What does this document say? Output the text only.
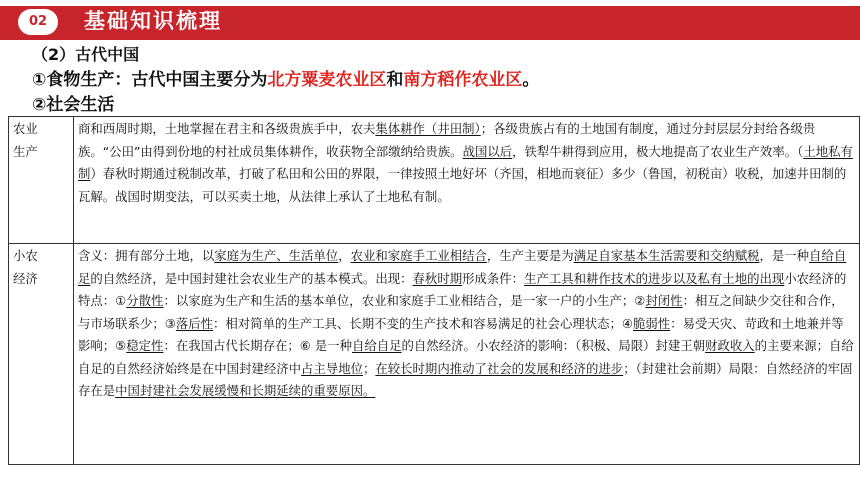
02	基础知识梳理
（2）古代中国
①食物生产：古代中国主要分为北方粟麦农业区和南方稻作农业区。
②社会生活
农业
生产	商和西周时期，土地掌握在君主和各级贵族手中，农夫集体耕作（井田制）；各级贵族占有的土地国有制度，通过分封层层分封给各级贵族。“公田”由得到份地的村社成员集体耕作，收获物全部缴纳给贵族。战国以后，铁犁牛耕得到应用，极大地提高了农业生产效率。（土地私有制）春秋时期通过税制改革，打破了私田和公田的界限，一律按照土地好坏（齐国，相地而衰征）多少（鲁国，初税亩）收税，加速井田制的瓦解。战国时期变法，可以买卖土地，从法律上承认了土地私有制。

小农
经济	含义：拥有部分土地，以家庭为生产、生活单位，农业和家庭手工业相结合，生产主要是为满足自家基本生活需要和交纳赋税，是一种自给自足的自然经济，是中国封建社会农业生产的基本模式。出现：春秋时期形成条件：生产工具和耕作技术的进步以及私有土地的出现小农经济的特点：①分散性：以家庭为生产和生活的基本单位，农业和家庭手工业相结合，是一家一户的小生产；②封闭性：相互之间缺少交往和合作，与市场联系少；③落后性：相对简单的生产工具、长期不变的生产技术和容易满足的社会心理状态；④脆弱性：易受天灾、苛政和土地兼并等影响；⑤稳定性：在我国古代长期存在；⑥ 是一种自给自足的自然经济。小农经济的影响：（积极、局限）封建王朝财政收入的主要来源；自给自足的自然经济始终是在中国封建经济中占主导地位；在较长时期内推动了社会的发展和经济的进步；（封建社会前期）局限：自然经济的牢固存在是中国封建社会发展缓慢和长期延续的重要原因。
